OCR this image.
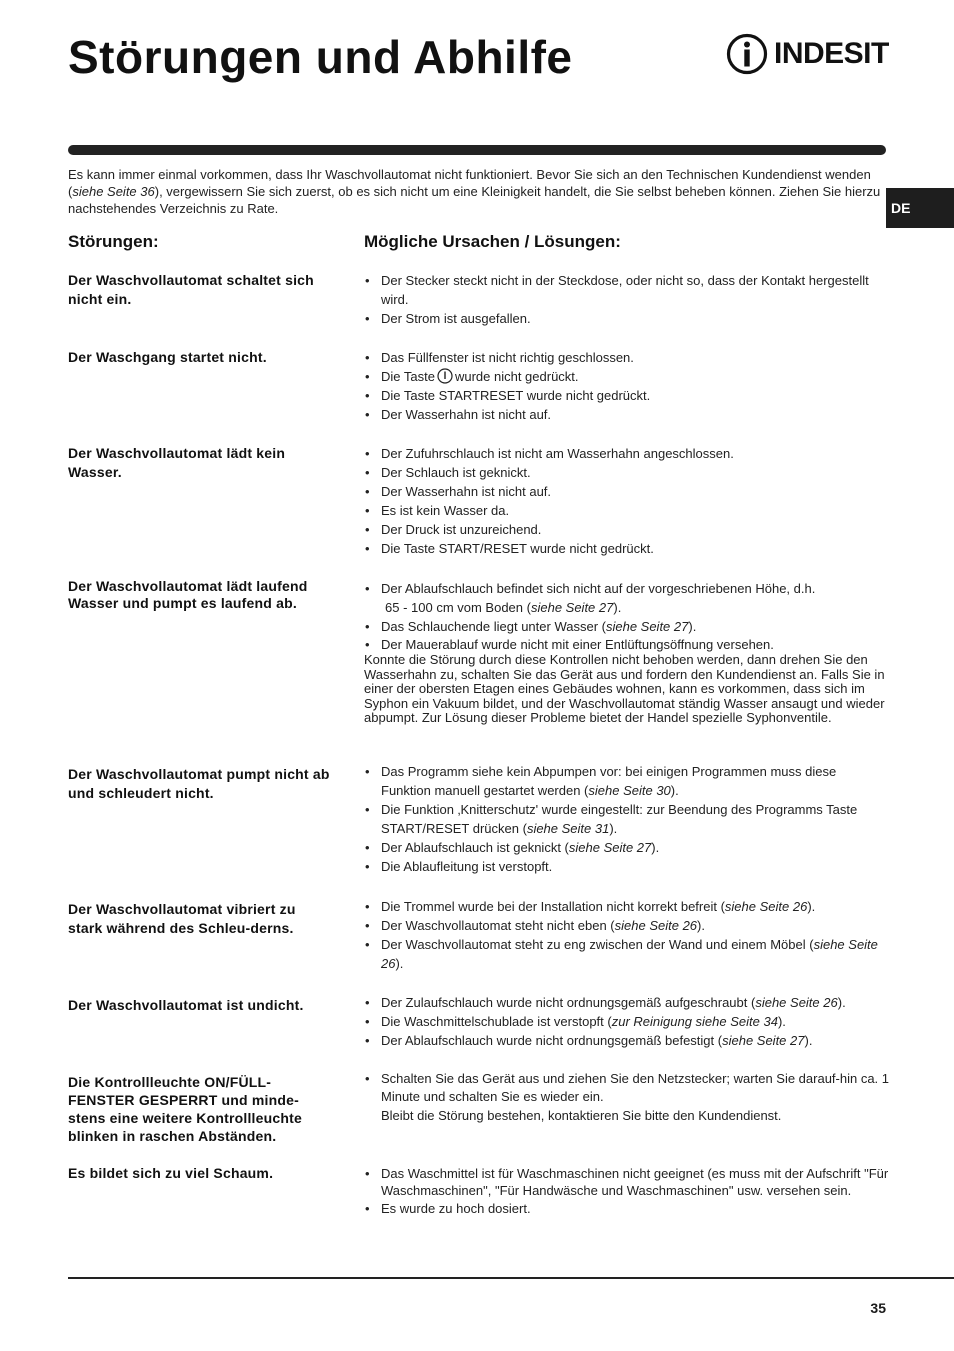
Störungen und Abhilfe	INDESIT
Es kann immer einmal vorkommen, dass Ihr Waschvollautomat nicht funktioniert. Bevor Sie sich an den Technischen Kundendienst wenden (siehe Seite 36), vergewissern Sie sich zuerst, ob es sich nicht um eine Kleinigkeit handelt, die Sie selbst beheben können. Ziehen Sie hierzu nachstehendes Verzeichnis zu Rate.	DE
Störungen:	Mögliche Ursachen / Lösungen:
Der Waschvollautomat schaltet sich nicht ein.
• Der Stecker steckt nicht in der Steckdose, oder nicht so, dass der Kontakt hergestellt wird.
• Der Strom ist ausgefallen.
Der Waschgang startet nicht.	• Das Füllfenster ist nicht richtig geschlossen.
• Die Taste wurde nicht gedrückt.
• Die Taste STARTRESET wurde nicht gedrückt.
• Der Wasserhahn ist nicht auf.
Der Waschvollautomat lädt kein Wasser.
• Der Zufuhrschlauch ist nicht am Wasserhahn angeschlossen.
• Der Schlauch ist geknickt.
• Der Wasserhahn ist nicht auf.
• Es ist kein Wasser da.
• Der Druck ist unzureichend.
• Die Taste START/RESET wurde nicht gedrückt.
Der Waschvollautomat lädt laufend Wasser und pumpt es laufend ab.
• Der Ablaufschlauch befindet sich nicht auf der vorgeschriebenen Höhe, d.h.
65 - 100 cm vom Boden (siehe Seite 27).
• Das Schlauchende liegt unter Wasser (siehe Seite 27).
• Der Mauerablauf wurde nicht mit einer Entlüftungsöffnung versehen.
Konnte die Störung durch diese Kontrollen nicht behoben werden, dann drehen Sie den Wasserhahn zu, schalten Sie das Gerät aus und fordern den Kundendienst an. Falls Sie in einer der obersten Etagen eines Gebäudes wohnen, kann es vorkommen, dass sich im Syphon ein Vakuum bildet, und der Waschvollautomat ständig Wasser ansaugt und wieder abpumpt. Zur Lösung dieser Probleme bietet der Handel spezielle Syphonventile.
Der Waschvollautomat pumpt nicht ab und schleudert nicht.
• Das Programm siehe kein Abpumpen vor: bei einigen Programmen muss diese Funktion manuell gestartet werden (siehe Seite 30).
• Die Funktion ‚Knitterschutz' wurde eingestellt: zur Beendung des Programms Taste START/RESET drücken (siehe Seite 31).
• Der Ablaufschlauch ist geknickt (siehe Seite 27).
• Die Ablaufleitung ist verstopft.
Der Waschvollautomat vibriert zu stark während des Schleu-derns.
• Die Trommel wurde bei der Installation nicht korrekt befreit (siehe Seite 26).
• Der Waschvollautomat steht nicht eben (siehe Seite 26).
• Der Waschvollautomat steht zu eng zwischen der Wand und einem Möbel (siehe Seite 26).
Der Waschvollautomat ist undicht.	• Der Zulaufschlauch wurde nicht ordnungsgemäß aufgeschraubt (siehe Seite 26).
• Die Waschmittelschublade ist verstopft (zur Reinigung siehe Seite 34).
• Der Ablaufschlauch wurde nicht ordnungsgemäß befestigt (siehe Seite 27).
Die Kontrollleuchte ON/FÜLL-FENSTER GESPERRT und minde-stens eine weitere Kontrollleuchte blinken in raschen Abständen.
• Schalten Sie das Gerät aus und ziehen Sie den Netzstecker; warten Sie darauf-hin ca. 1 Minute und schalten Sie es wieder ein.
Bleibt die Störung bestehen, kontaktieren Sie bitte den Kundendienst.
Es bildet sich zu viel Schaum.	• Das Waschmittel ist für Waschmaschinen nicht geeignet (es muss mit der Aufschrift "Für Waschmaschinen", "Für Handwäsche und Waschmaschinen" usw. versehen sein.
• Es wurde zu hoch dosiert.
35
